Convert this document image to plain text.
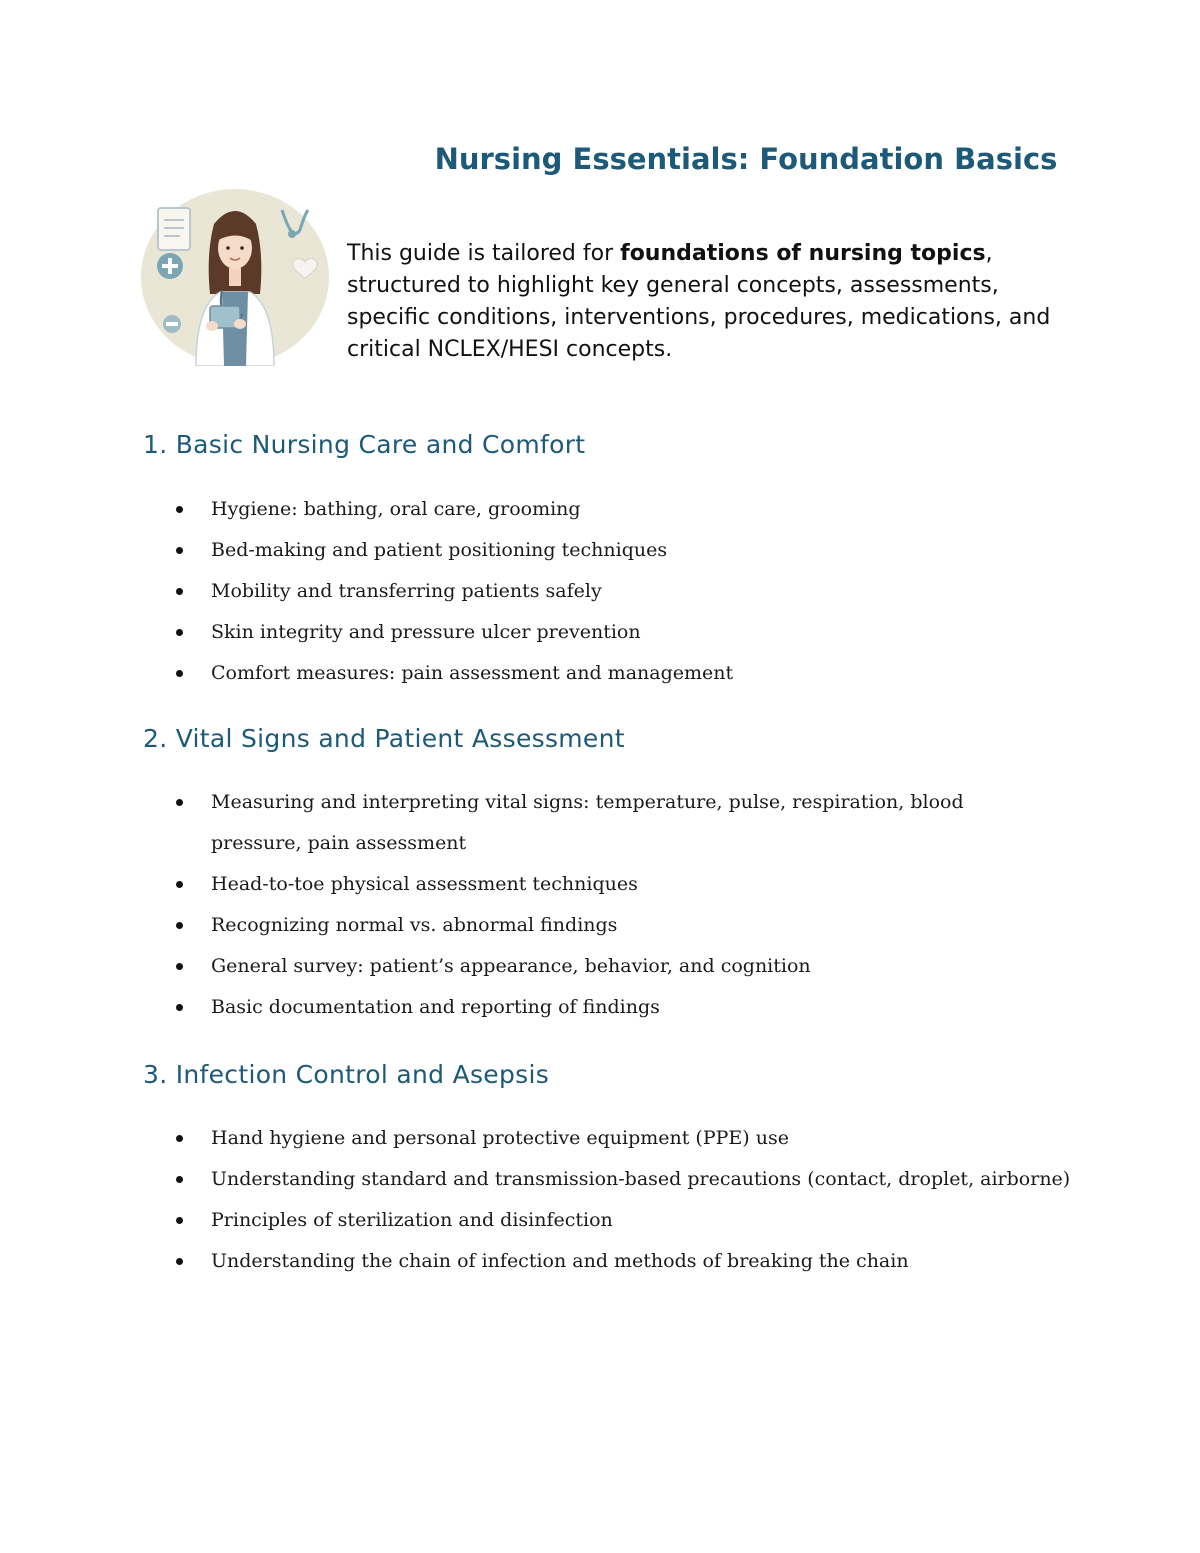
Nursing Essentials: Foundation Basics

This guide is tailored for foundations of nursing topics, structured to highlight key general concepts, assessments, specific conditions, interventions, procedures, medications, and critical NCLEX/HESI concepts.

1. Basic Nursing Care and Comfort
Hygiene: bathing, oral care, grooming
Bed-making and patient positioning techniques
Mobility and transferring patients safely
Skin integrity and pressure ulcer prevention
Comfort measures: pain assessment and management
2. Vital Signs and Patient Assessment
Measuring and interpreting vital signs: temperature, pulse, respiration, blood pressure, pain assessment
Head-to-toe physical assessment techniques
Recognizing normal vs. abnormal findings
General survey: patient’s appearance, behavior, and cognition
Basic documentation and reporting of findings
3. Infection Control and Asepsis
Hand hygiene and personal protective equipment (PPE) use
Understanding standard and transmission-based precautions (contact, droplet, airborne)
Principles of sterilization and disinfection
Understanding the chain of infection and methods of breaking the chain
